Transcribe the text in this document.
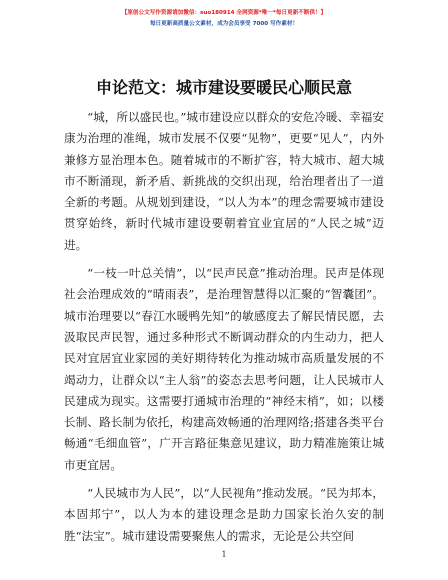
【原创公文写作资源请加微信：suo180914 全网资源*唯一*每日更新不断供！】
每日更新高质量公文素材，成为会员享受 7000 写作素材！
申论范文：城市建设要暖民心顺民意

“城，所以盛民也。”城市建设应以群众的安危冷暖、幸福安康为治理的准绳，城市发展不仅要“见物”，更要“见人”，内外兼修方显治理本色。随着城市的不断扩容，特大城市、超大城市不断涌现，新矛盾、新挑战的交织出现，给治理者出了一道全新的考题。从规划到建设，“以人为本”的理念需要城市建设贯穿始终，新时代城市建设要朝着宜业宜居的“人民之城”迈进。

“一枝一叶总关情”，以“民声民意”推动治理。民声是体现社会治理成效的“晴雨表”，是治理智慧得以汇聚的“智囊团”。城市治理要以“春江水暖鸭先知”的敏感度去了解民情民愿，去汲取民声民智，通过多种形式不断调动群众的内生动力，把人民对宜居宜业家园的美好期待转化为推动城市高质量发展的不竭动力，让群众以“主人翁”的姿态去思考问题，让人民城市人民建成为现实。这需要打通城市治理的“神经末梢”，如；以楼长制、路长制为依托，构建高效畅通的治理网络;搭建各类平台畅通“毛细血管”，广开言路征集意见建议，助力精准施策让城市更宜居。

“人民城市为人民”，以“人民视角”推动发展。“民为邦本，本固邦宁”，以人为本的建设理念是助力国家长治久安的制胜“法宝”。城市建设需要聚焦人的需求，无论是公共空间

1
